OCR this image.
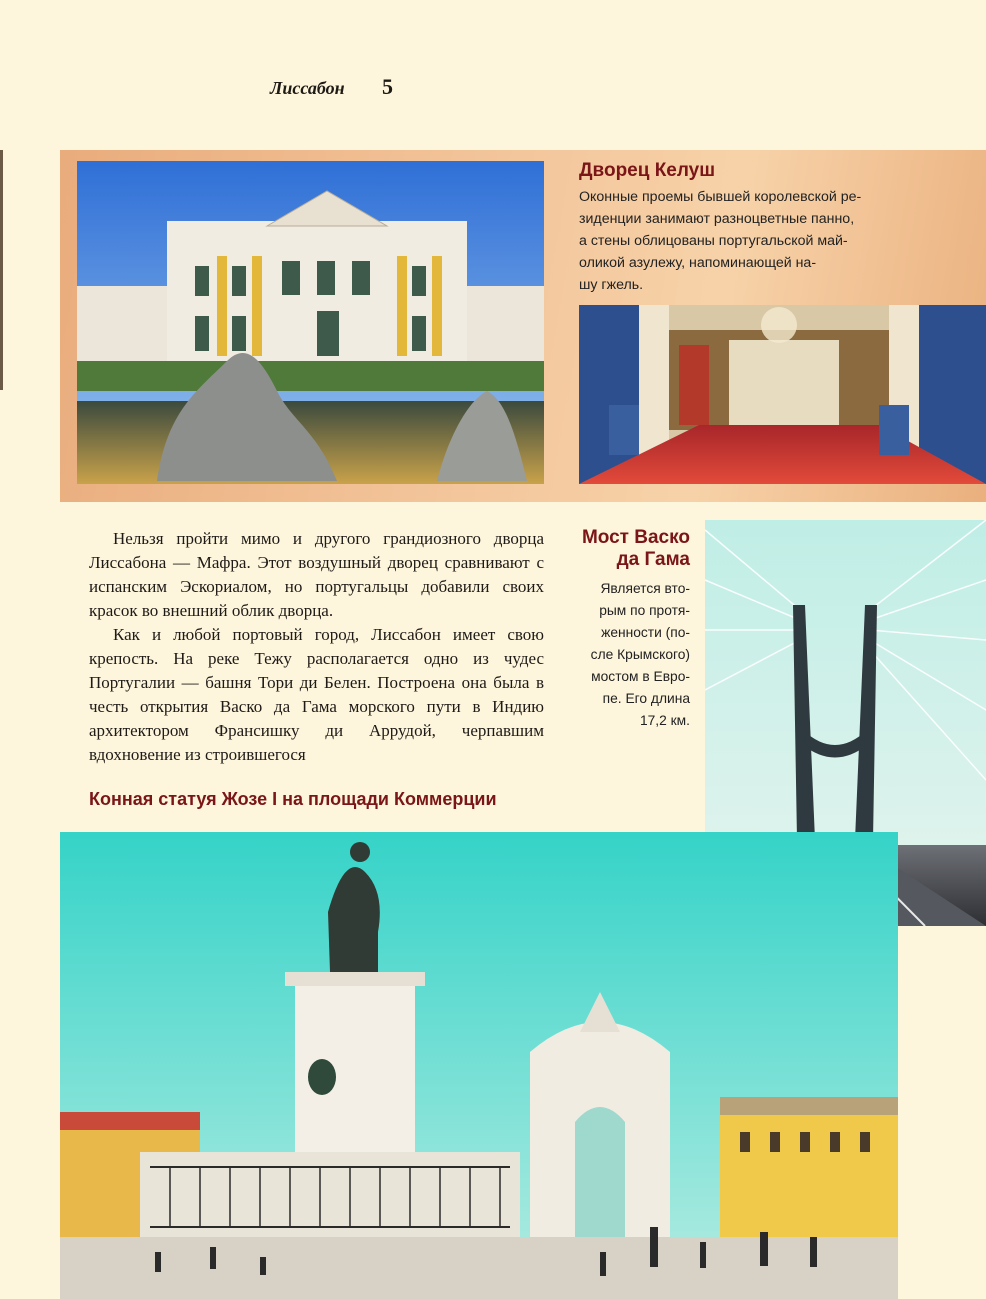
Лиссабон 5
Дворец Келуш
Оконные проемы бывшей королевской ре-
зиденции занимают разноцветные панно,
а стены облицованы португальской май-
оликой азулежу, напоминающей на-
шу гжель.

Нельзя пройти мимо и другого грандиозного дворца Лиссабона — Мафра. Этот воздушный дворец сравнивают с испанским Эскориалом, но португальцы добавили своих красок во внешний облик дворца.

Как и любой портовый город, Лиссабон имеет свою крепость. На реке Тежу располагается одно из чудес Португалии — башня Тори ди Белен. Построена она была в честь открытия Васко да Гама морского пути в Индию архитектором Франсишку ди Аррудой, черпавшим вдохновение из строившегося

Мост Васко
да Гама
Является вто-
рым по протя-
женности (по-
сле Крымского)
мостом в Евро-
пе. Его длина
17,2 км.
Конная статуя Жозе I на площади Коммерции
